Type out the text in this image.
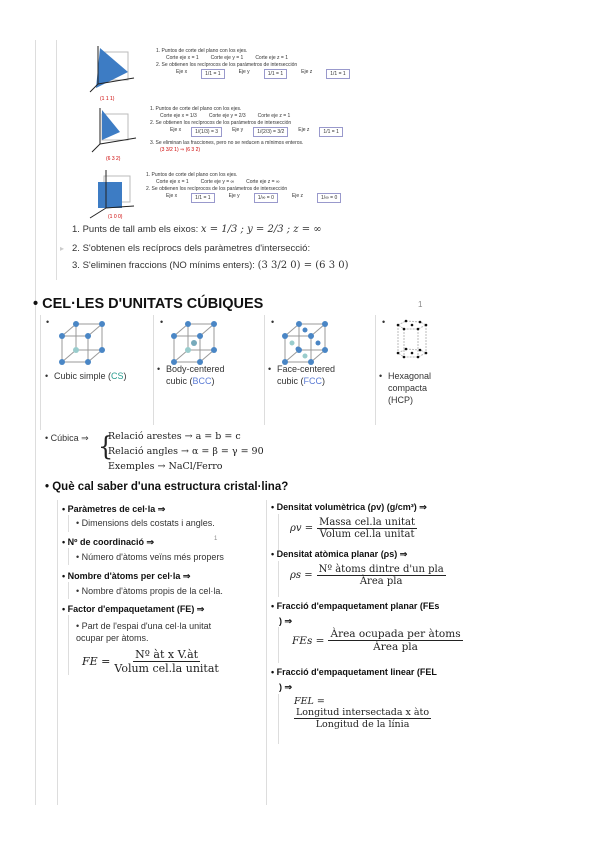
(1 1 1)
1. Puntos de corte del plano con los ejes.
Corte eje x = 1 Corte eje y = 1 Corte eje z = 1
2. Se obtienen los recíprocos de los parámetros de intersección
Eje x	1/1 = 1	Eje y	1/1 = 1	Eje z	1/1 = 1
(6 3 2)
1. Puntos de corte del plano con los ejes.
Corte eje x = 1/3 Corte eje y = 2/3 Corte eje z = 1
2. Se obtienen los recíprocos de los parámetros de intersección
Eje x	1/(1/3) = 3	Eje y	1/(2/3) = 3/2	Eje z	1/1 = 1
3. Se eliminan las fracciones, pero no se reducen a mínimos enteros.
(3 3/2 1) ⇒ (6 3 2)
(1 0 0)
1. Puntos de corte del plano con los ejes.
Corte eje x = 1 Corte eje y = ∞ Corte eje z = ∞
2. Se obtienen los recíprocos de los parámetros de intersección
Eje x	1/1 = 1	Eje y	1/∞ = 0	Eje z	1/∞ = 0
1. Punts de tall amb els eixos: x = 1/3 ; y = 2/3 ; z = ∞
▸ 2. S'obtenen els recíprocs dels paràmetres d'intersecció:
3. S'eliminen fraccions (NO mínims enters): (3 3/2 0) = (6 3 0)
• CEL·LES D'UNITATS CÚBIQUES	1
•
• Cubic simple (CS)
•
• Body-centered cubic (BCC)
•
• Face-centered cubic (FCC)
•
• Hexagonal compacta (HCP)
• Cúbica ⇒ {
Relació arestes → a = b = c
Relació angles → α = β = γ = 90
Exemples → NaCl/Ferro
• Què cal saber d'una estructura cristal·lina?
• Paràmetres de cel·la ⇒
• Dimensions dels costats i angles.
• Nº de coordinació ⇒	1
• Número d'àtoms veïns més propers
• Nombre d'àtoms per cel·la ⇒
• Nombre d'àtoms propis de la cel·la.
• Factor d'empaquetament (FE) ⇒
• Part de l'espai d'una cel·la unitat ocupar per àtoms.
FE = $\frac{\text{Nº àt x V.àt}}{\text{Volum cel.la unitat}}$
• Densitat volumètrica (ρv) (g/cm³) ⇒
$\rho v = \frac{\text{Massa cel.la unitat}}{\text{Volum cel.la unitat}}$
• Densitat atòmica planar (ρs) ⇒
$\rho s = \frac{\text{Nº àtoms dintre d'un pla}}{\text{Àrea pla}}$
• Fracció d'empaquetament planar (FEs
) ⇒
FEs = $\frac{\text{Àrea ocupada per àtoms}}{\text{Àrea pla}}$
• Fracció d'empaquetament linear (FEL
) ⇒
FEL =
$\frac{\text{Longitud intersectada x àto}}{\text{Longitud de la línia}}$
